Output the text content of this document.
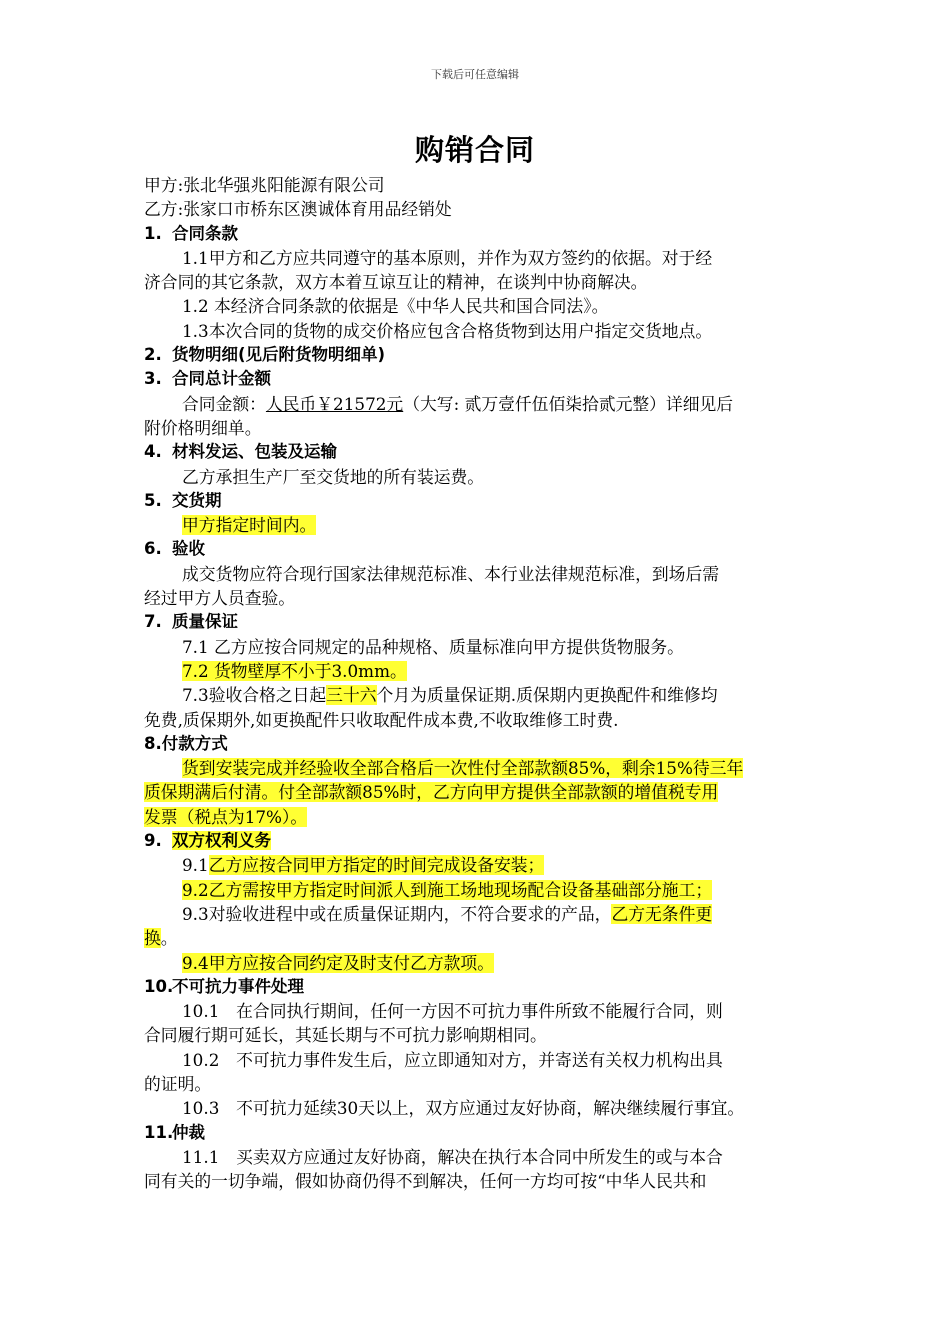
下载后可任意编辑
购销合同
甲方:张北华强兆阳能源有限公司
乙方:张家口市桥东区澳诚体育用品经销处
1. 合同条款
1.1甲方和乙方应共同遵守的基本原则，并作为双方签约的依据。对于经
济合同的其它条款，双方本着互谅互让的精神，在谈判中协商解决。
1.2 本经济合同条款的依据是《中华人民共和国合同法》。
1.3本次合同的货物的成交价格应包含合格货物到达用户指定交货地点。
2. 货物明细(见后附货物明细单)
3. 合同总计金额
合同金额：人民币￥21572元（大写: 贰万壹仟伍佰柒拾贰元整）详细见后
附价格明细单。
4. 材料发运、包装及运输
乙方承担生产厂至交货地的所有装运费。
5. 交货期
甲方指定时间内。
6. 验收
成交货物应符合现行国家法律规范标准、本行业法律规范标准，到场后需
经过甲方人员查验。
7. 质量保证
7.1 乙方应按合同规定的品种规格、质量标准向甲方提供货物服务。
7.2 货物壁厚不小于3.0mm。
7.3验收合格之日起三十六个月为质量保证期.质保期内更换配件和维修均
免费,质保期外,如更换配件只收取配件成本费,不收取维修工时费.
8.付款方式
货到安装完成并经验收全部合格后一次性付全部款额85%，剩余15%待三年
质保期满后付清。付全部款额85%时，乙方向甲方提供全部款额的增值税专用
发票（税点为17%）。
9. 双方权利义务
9.1乙方应按合同甲方指定的时间完成设备安装；
9.2乙方需按甲方指定时间派人到施工场地现场配合设备基础部分施工；
9.3对验收进程中或在质量保证期内，不符合要求的产品，乙方无条件更
换。
9.4甲方应按合同约定及时支付乙方款项。
10.不可抗力事件处理
10.1　在合同执行期间，任何一方因不可抗力事件所致不能履行合同，则
合同履行期可延长，其延长期与不可抗力影响期相同。
10.2　不可抗力事件发生后，应立即通知对方，并寄送有关权力机构出具
的证明。
10.3　不可抗力延续30天以上，双方应通过友好协商，解决继续履行事宜。
11.仲裁
11.1　买卖双方应通过友好协商，解决在执行本合同中所发生的或与本合
同有关的一切争端，假如协商仍得不到解决，任何一方均可按“中华人民共和
